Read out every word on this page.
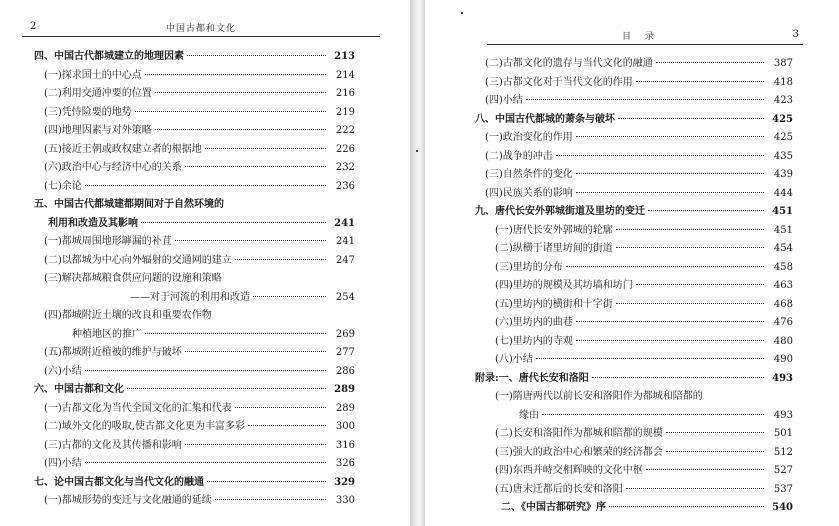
2	中国古都和文化
四、中国古代都城建立的地理因素	213
(一)探求国土的中心点	214
(二)利用交通冲要的位置	216
(三)凭恃险要的地势	219
(四)地理因素与对外策略	222
(五)接近王朝或政权建立者的根据地	226
(六)政治中心与经济中心的关系	232
(七)余论	236
五、中国古代都城建都期间对于自然环境的
利用和改造及其影响	241
(一)都城周围地形罅漏的补苴	241
(二)以都城为中心向外辐射的交通网的建立	247
(三)解决都城粮食供应问题的设施和策略
——对于河流的利用和改造	254
(四)都城附近土壤的改良和重要农作物
种植地区的推广	269
(五)都城附近植被的维护与破坏	277
(六)小结	286
六、中国古都和文化	289
(一)古都文化为当代全国文化的汇集和代表	289
(二)域外文化的吸取,使古都文化更为丰富多彩	300
(三)古都的文化及其传播和影响	316
(四)小结	326
七、论中国古都文化与当代文化的融通	329
(一)都城形势的变迁与文化融通的延续	330
目录	3
(二)古都文化的遗存与当代文化的融通	387
(三)古都文化对于当代文化的作用	418
(四)小结	423
八、中国古代都城的萧条与破坏	425
(一)政治变化的作用	425
(二)战争的冲击	435
(三)自然条件的变化	439
(四)民族关系的影响	444
九、唐代长安外郭城街道及里坊的变迁	451
(一)唐代长安外郭城的轮廓	451
(二)纵横于诸里坊间的街道	454
(三)里坊的分布	458
(四)里坊的规模及其坊墙和坊门	463
(五)里坊内的横街和十字街	468
(六)里坊内的曲巷	476
(七)里坊内的寺观	480
(八)小结	490
附录:一、唐代长安和洛阳	493
(一)隋唐两代以前长安和洛阳作为都城和陪都的
缘由	493
(二)长安和洛阳作为都城和陪都的规模	501
(三)强大的政治中心和繁荣的经济都会	512
(四)东西并峙交相辉映的文化中枢	527
(五)唐末迁都后的长安和洛阳	537
二、《中国古都研究》序	540
